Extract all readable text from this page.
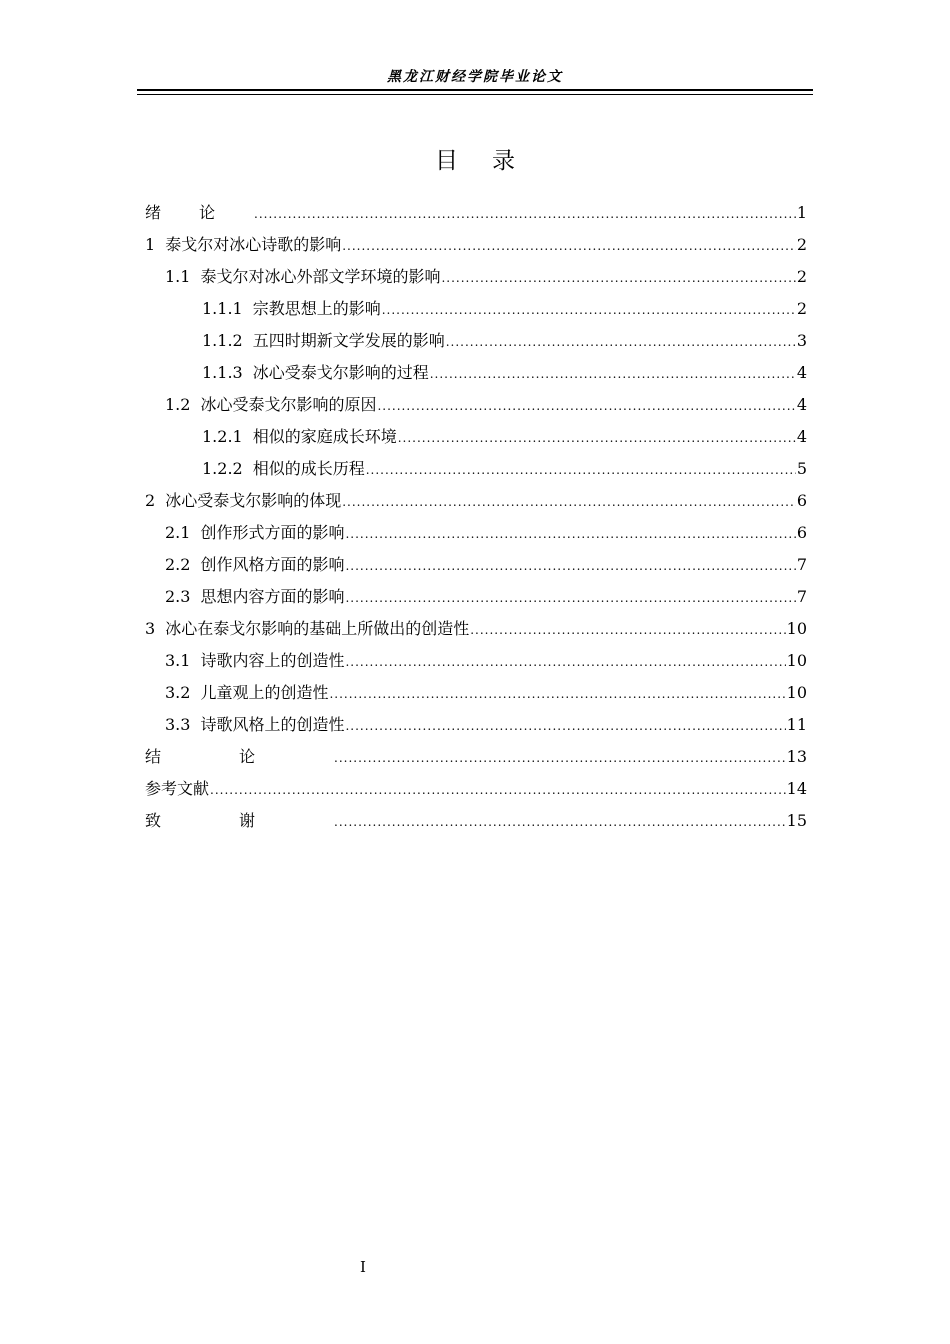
黑龙江财经学院毕业论文
目录
绪论 .....	1
1 泰戈尔对冰心诗歌的影响 .....	2
1.1 泰戈尔对冰心外部文学环境的影响 .....	2
1.1.1 宗教思想上的影响 .....	2
1.1.2 五四时期新文学发展的影响 .....	3
1.1.3 冰心受泰戈尔影响的过程 .....	4
1.2 冰心受泰戈尔影响的原因 .....	4
1.2.1 相似的家庭成长环境 .....	4
1.2.2 相似的成长历程 .....	5
2 冰心受泰戈尔影响的体现 .....	6
2.1 创作形式方面的影响 .....	6
2.2 创作风格方面的影响 .....	7
2.3 思想内容方面的影响 .....	7
3 冰心在泰戈尔影响的基础上所做出的创造性 .....	10
3.1 诗歌内容上的创造性 .....	10
3.2 儿童观上的创造性 .....	10
3.3 诗歌风格上的创造性 .....	11
结论 .....	13
参考文献 .....	14
致谢 .....	15
I
